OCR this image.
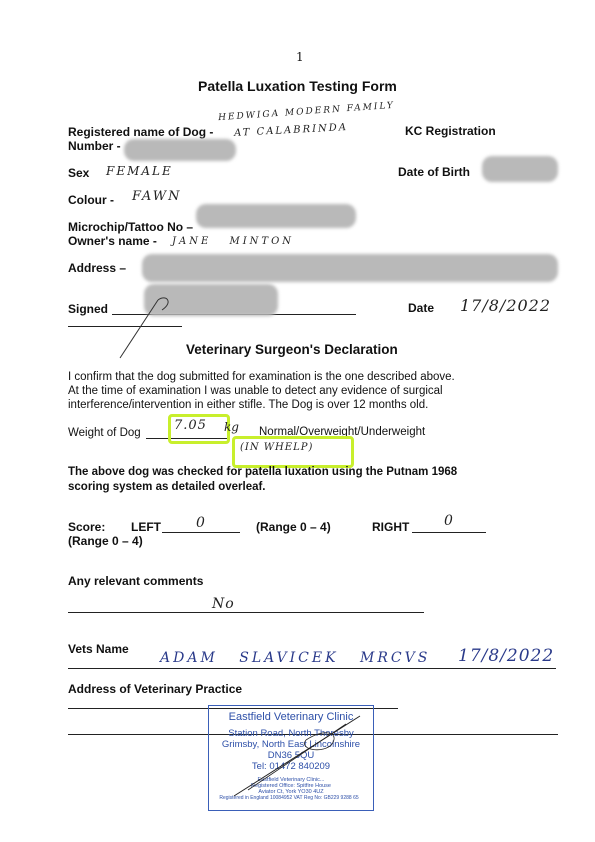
1
Patella Luxation Testing Form
Registered name of Dog -
HEDWIGA MODERN FAMILY
AT CALABRINDA	KC Registration
Number -
Sex FEMALE	Date of Birth
Colour - FAWN
Microchip/Tattoo No –
Owner's name - JANE MINTON
Address –
Signed	Date 17/8/2022
Veterinary Surgeon's Declaration
I confirm that the dog submitted for examination is the one described above.
At the time of examination I was unable to detect any evidence of surgical
interference/intervention in either stifle. The Dog is over 12 months old.
Weight of Dog	7.05 kg Normal/Overweight/Underweight
(IN WHELP)
The above dog was checked for patella luxation using the Putnam 1968
scoring system as detailed overleaf.
Score: LEFT	0	(Range 0 – 4)	RIGHT 0
(Range 0 – 4)
Any relevant comments
No
Vets Name
ADAM SLAVICEK MRCVS 17/8/2022
Address of Veterinary Practice
Eastfield Veterinary Clinic
Station Road, North Thoresby
Grimsby, North East Lincolnshire
DN36 5QU
Tel: 01472 840209
Eastfield Veterinary Clinic...
Registered Office: Spitfire House
Aviator Ct, York YO30 4UZ
Registered in England 10084952 VAT Reg No: GB229 9288 65
